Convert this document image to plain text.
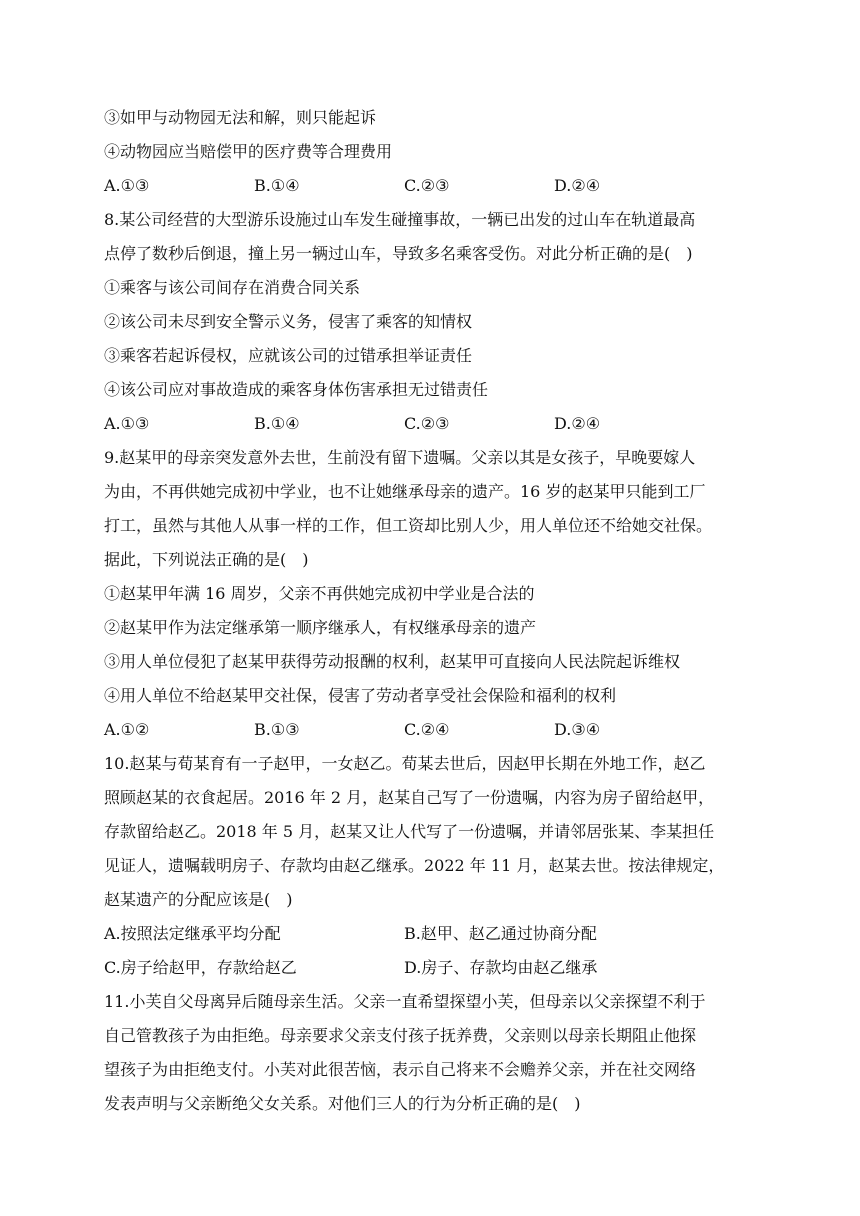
③如甲与动物园无法和解，则只能起诉
④动物园应当赔偿甲的医疗费等合理费用
A.①③	B.①④	C.②③	D.②④
8.某公司经营的大型游乐设施过山车发生碰撞事故，一辆已出发的过山车在轨道最高
点停了数秒后倒退，撞上另一辆过山车，导致多名乘客受伤。对此分析正确的是(　)
①乘客与该公司间存在消费合同关系
②该公司未尽到安全警示义务，侵害了乘客的知情权
③乘客若起诉侵权，应就该公司的过错承担举证责任
④该公司应对事故造成的乘客身体伤害承担无过错责任
A.①③	B.①④	C.②③	D.②④
9.赵某甲的母亲突发意外去世，生前没有留下遗嘱。父亲以其是女孩子，早晚要嫁人
为由，不再供她完成初中学业，也不让她继承母亲的遗产。16 岁的赵某甲只能到工厂
打工，虽然与其他人从事一样的工作，但工资却比别人少，用人单位还不给她交社保。
据此，下列说法正确的是(　)
①赵某甲年满 16 周岁，父亲不再供她完成初中学业是合法的
②赵某甲作为法定继承第一顺序继承人，有权继承母亲的遗产
③用人单位侵犯了赵某甲获得劳动报酬的权利，赵某甲可直接向人民法院起诉维权
④用人单位不给赵某甲交社保，侵害了劳动者享受社会保险和福利的权利
A.①②	B.①③	C.②④	D.③④
10.赵某与荀某育有一子赵甲，一女赵乙。荀某去世后，因赵甲长期在外地工作，赵乙
照顾赵某的衣食起居。2016 年 2 月，赵某自己写了一份遗嘱，内容为房子留给赵甲，
存款留给赵乙。2018 年 5 月，赵某又让人代写了一份遗嘱，并请邻居张某、李某担任
见证人，遗嘱载明房子、存款均由赵乙继承。2022 年 11 月，赵某去世。按法律规定，
赵某遗产的分配应该是(　)
A.按照法定继承平均分配	B.赵甲、赵乙通过协商分配
C.房子给赵甲，存款给赵乙	D.房子、存款均由赵乙继承
11.小芙自父母离异后随母亲生活。父亲一直希望探望小芙，但母亲以父亲探望不利于
自己管教孩子为由拒绝。母亲要求父亲支付孩子抚养费，父亲则以母亲长期阻止他探
望孩子为由拒绝支付。小芙对此很苦恼，表示自己将来不会赡养父亲，并在社交网络
发表声明与父亲断绝父女关系。对他们三人的行为分析正确的是(　)
